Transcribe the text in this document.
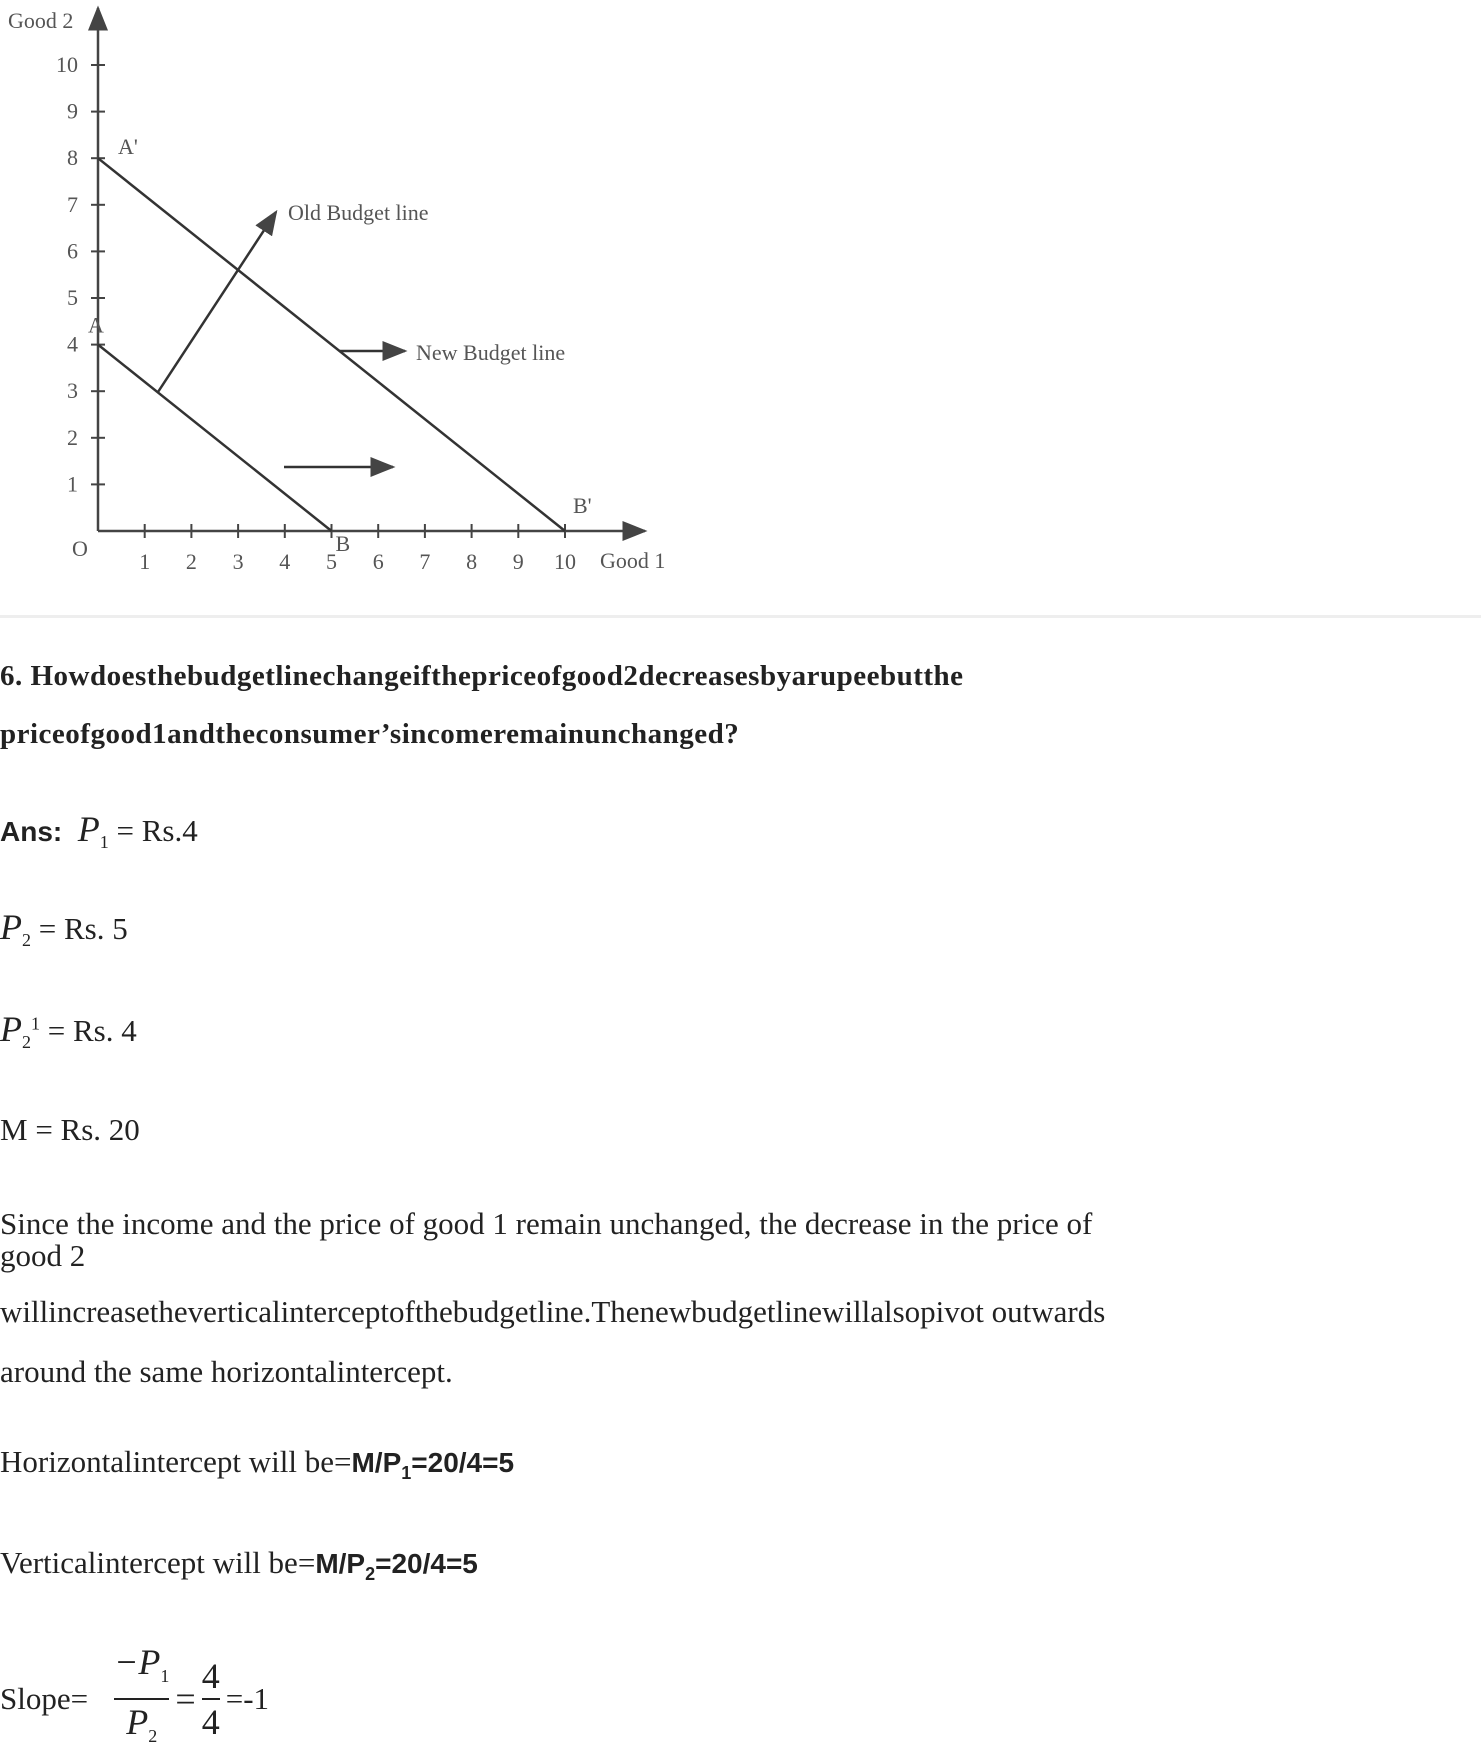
Good 2
Good 1
O
1 2 3 4 5 6 7 8 9 10
1
2
3
4
5
6
7
8
9
10
A
B
A'
B'
Old Budget line
New Budget line
6. Howdoesthebudgetlinechangeifthepriceofgood2decreasesbyarupeebutthe
priceofgood1andtheconsumer’sincomeremainunchanged?
Ans: $P_1 = Rs.4$
$P_2 = Rs$. 5
$P_2^1 = Rs$. 4
M = Rs. 20
Since the income and the price of good 1 remain unchanged, the decrease in the price of
good 2
willincreasetheverticalinterceptofthebudgetline.Thenewbudgetlinewillalsopivot outwards
around the same horizontalintercept.
Horizontalintercept will $be=M/P_1=20/4=5$
Verticalintercept will $be=M/P_2=20/4=5$
Slope= $\frac{-P_1}{P_2} = \frac{4}{4} =-1$
